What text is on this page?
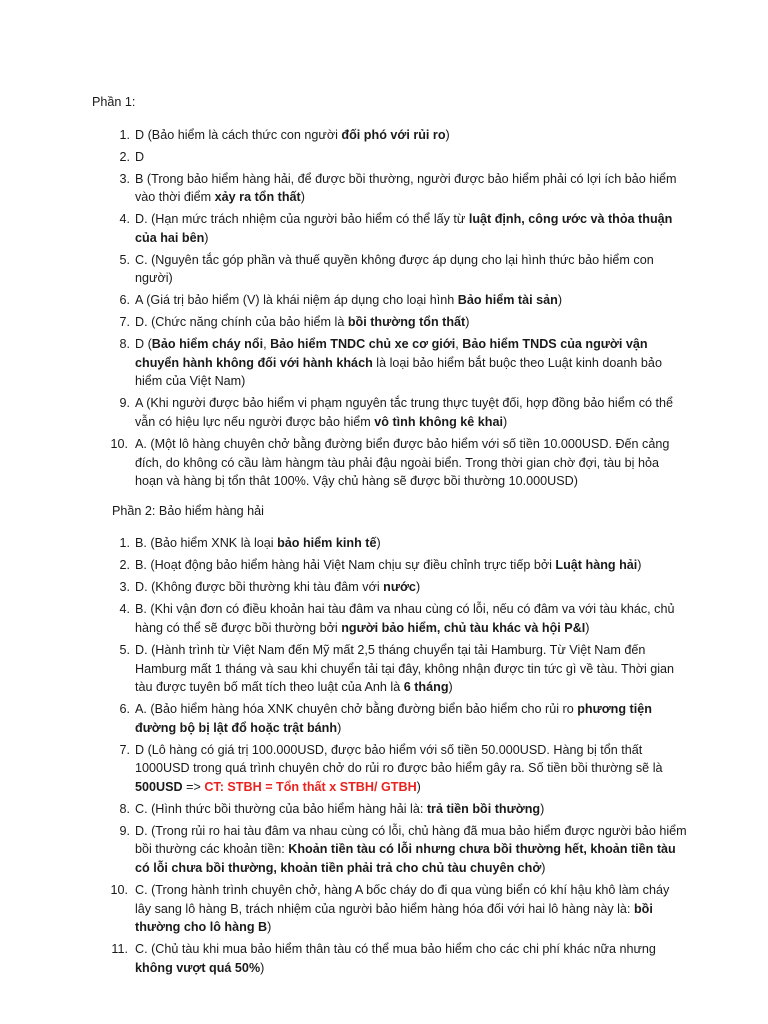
Phần 1:
1. D (Bảo hiểm là cách thức con người đối phó với rủi ro)
2. D
3. B (Trong bảo hiểm hàng hải, để được bồi thường, người được bảo hiểm phải có lợi ích bảo hiểm vào thời điểm xảy ra tổn thất)
4. D. (Hạn mức trách nhiệm của người bảo hiểm có thể lấy từ luật định, công ước và thỏa thuận của hai bên)
5. C. (Nguyên tắc góp phần và thuế quyền không được áp dụng cho lại hình thức bảo hiểm con người)
6. A (Giá trị bảo hiểm (V) là khái niệm áp dụng cho loại hình Bảo hiểm tài sản)
7. D. (Chức năng chính của bảo hiểm là bồi thường tổn thất)
8. D (Bảo hiểm cháy nổi, Bảo hiểm TNDC chủ xe cơ giới, Bảo hiểm TNDS của người vận chuyển hành không đối với hành khách là loại bảo hiểm bắt buộc theo Luật kinh doanh bảo hiểm của Việt Nam)
9. A (Khi người được bảo hiểm vi phạm nguyên tắc trung thực tuyệt đối, hợp đồng bảo hiểm có thể vẫn có hiệu lực nếu người được bảo hiểm vô tình không kê khai)
10. A. (Một lô hàng chuyên chở bằng đường biển được bảo hiểm với số tiền 10.000USD. Đến cảng đích, do không có cầu làm hàngm tàu phải đậu ngoài biển. Trong thời gian chờ đợi, tàu bị hỏa hoạn và hàng bị tổn thât 100%. Vậy chủ hàng sẽ được bồi thường 10.000USD)
Phần 2: Bảo hiểm hàng hải
1. B. (Bảo hiểm XNK là loại bảo hiểm kinh tế)
2. B. (Hoạt động bảo hiểm hàng hải Việt Nam chịu sự điều chỉnh trực tiếp bởi Luật hàng hải)
3. D. (Không được bồi thường khi tàu đâm với nước)
4. B. (Khi vận đơn có điều khoản hai tàu đâm va nhau cùng có lỗi, nếu có đâm va với tàu khác, chủ hàng có thể sẽ được bồi thường bởi người bảo hiểm, chủ tàu khác và hội P&I)
5. D. (Hành trình từ Việt Nam đến Mỹ mất 2,5 tháng chuyển tại tải Hamburg. Từ Việt Nam đến Hamburg mất 1 tháng và sau khi chuyển tải tại đây, không nhận được tin tức gì về tàu. Thời gian tàu được tuyên bố mất tích theo luật của Anh là 6 tháng)
6. A. (Bảo hiểm hàng hóa XNK chuyên chở bằng đường biển bảo hiểm cho rủi ro phương tiện đường bộ bị lật đổ hoặc trật bánh)
7. D (Lô hàng có giá trị 100.000USD, được bảo hiểm với số tiền 50.000USD. Hàng bị tổn thất 1000USD trong quá trình chuyên chở do rủi ro được bảo hiểm gây ra. Số tiền bồi thường sẽ là 500USD => CT: STBH = Tổn thất x STBH/ GTBH)
8. C. (Hình thức bồi thường của bảo hiểm hàng hải là: trả tiền bồi thường)
9. D. (Trong rủi ro hai tàu đâm va nhau cùng có lỗi, chủ hàng đã mua bảo hiểm được người bảo hiểm bồi thường các khoản tiền: Khoản tiền tàu có lỗi nhưng chưa bồi thường hết, khoản tiền tàu có lỗi chưa bồi thường, khoản tiền phải trả cho chủ tàu chuyên chở)
10. C. (Trong hành trình chuyên chở, hàng A bốc cháy do đi qua vùng biển có khí hậu khô làm cháy lây sang lô hàng B, trách nhiệm của người bảo hiểm hàng hóa đối với hai lô hàng này là: bồi thường cho lô hàng B)
11. C. (Chủ tàu khi mua bảo hiểm thân tàu có thể mua bảo hiểm cho các chi phí khác nữa nhưng không vượt quá 50%)
